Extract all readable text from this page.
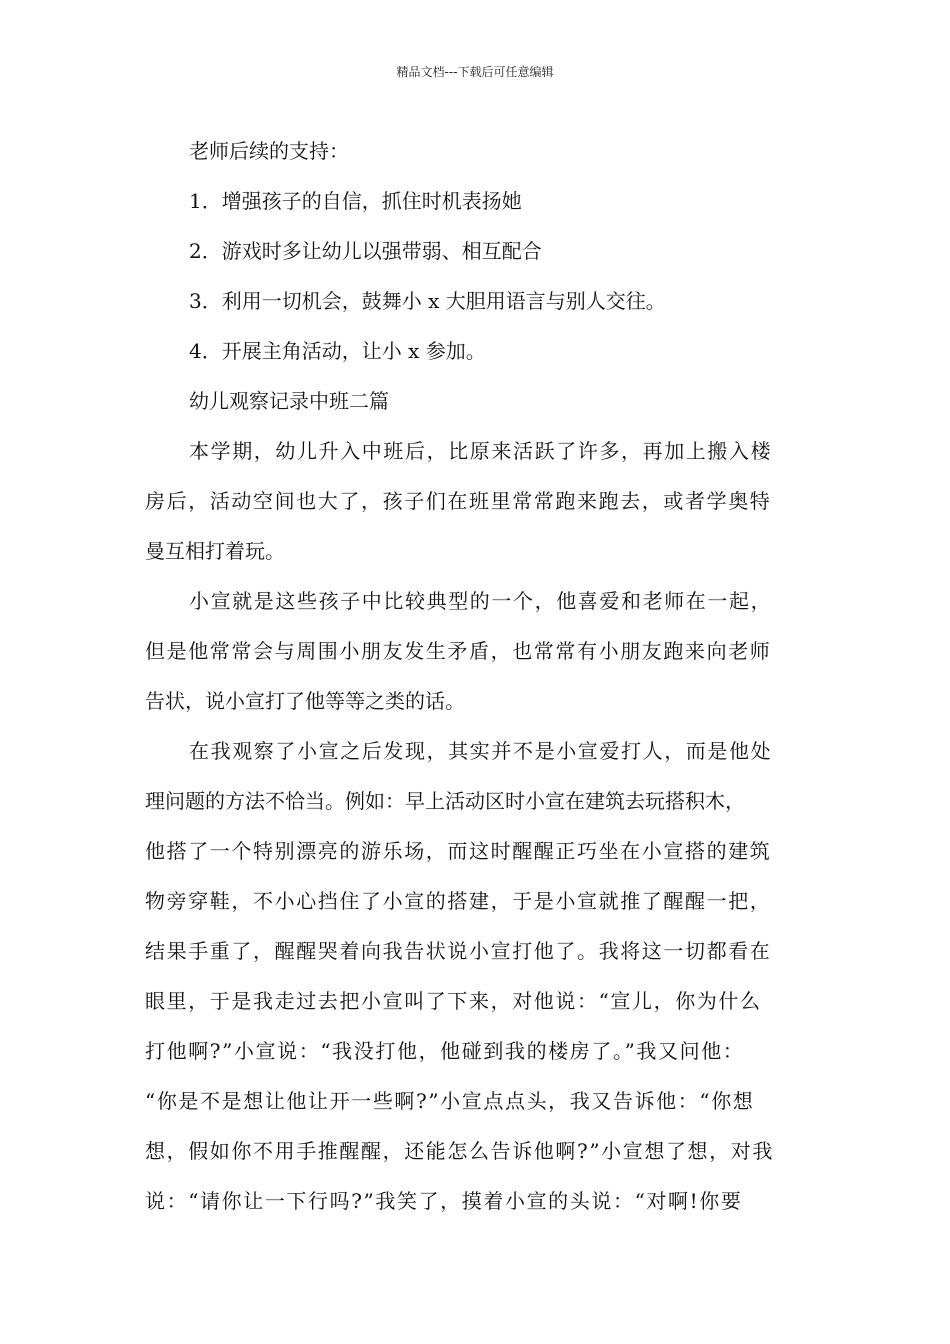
精品文档---下载后可任意编辑
老师后续的支持：
1．增强孩子的自信，抓住时机表扬她
2．游戏时多让幼儿以强带弱、相互配合
3．利用一切机会，鼓舞小 x 大胆用语言与别人交往。
4．开展主角活动，让小 x 参加。
幼儿观察记录中班二篇
本学期，幼儿升入中班后，比原来活跃了许多，再加上搬入楼
房后，活动空间也大了，孩子们在班里常常跑来跑去，或者学奥特
曼互相打着玩。
小宣就是这些孩子中比较典型的一个，他喜爱和老师在一起，
但是他常常会与周围小朋友发生矛盾，也常常有小朋友跑来向老师
告状，说小宣打了他等等之类的话。
在我观察了小宣之后发现，其实并不是小宣爱打人，而是他处
理问题的方法不恰当。例如：早上活动区时小宣在建筑去玩搭积木，
他搭了一个特别漂亮的游乐场，而这时醒醒正巧坐在小宣搭的建筑
物旁穿鞋，不小心挡住了小宣的搭建，于是小宣就推了醒醒一把，
结果手重了，醒醒哭着向我告状说小宣打他了。我将这一切都看在
眼里，于是我走过去把小宣叫了下来，对他说：“宣儿，你为什么
打他啊?”小宣说：“我没打他，他碰到我的楼房了。”我又问他：
“你是不是想让他让开一些啊?”小宣点点头，我又告诉他：“你想
想，假如你不用手推醒醒，还能怎么告诉他啊?”小宣想了想，对我
说：“请你让一下行吗?”我笑了，摸着小宣的头说：“对啊!你要
